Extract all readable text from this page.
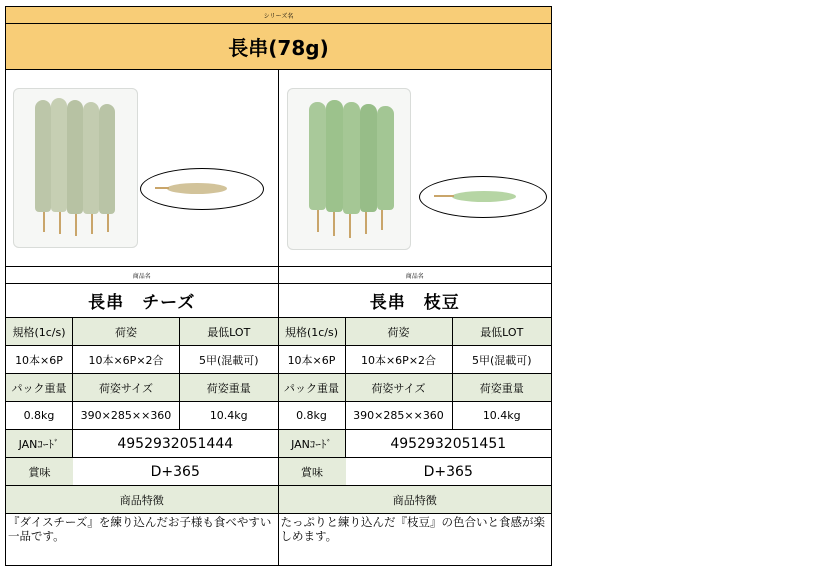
シリーズ名
長串(78g)
商品名
長串　チーズ
規格(1c/s)	荷姿	最低LOT
10本×6P	10本×6P×2合	5甲(混載可)
パック重量	荷姿サイズ	荷姿重量
0.8kg	390×285××360	10.4kg
JANｺｰﾄﾞ	4952932051444
賞味	D+365
商品特徴
『ダイスチーズ』を練り込んだお子様も食べやすい一品です。
商品名
長串　枝豆
規格(1c/s)	荷姿	最低LOT
10本×6P	10本×6P×2合	5甲(混載可)
パック重量	荷姿サイズ	荷姿重量
0.8kg	390×285××360	10.4kg
JANｺｰﾄﾞ	4952932051451
賞味	D+365
商品特徴
たっぷりと練り込んだ『枝豆』の色合いと食感が楽しめます。
